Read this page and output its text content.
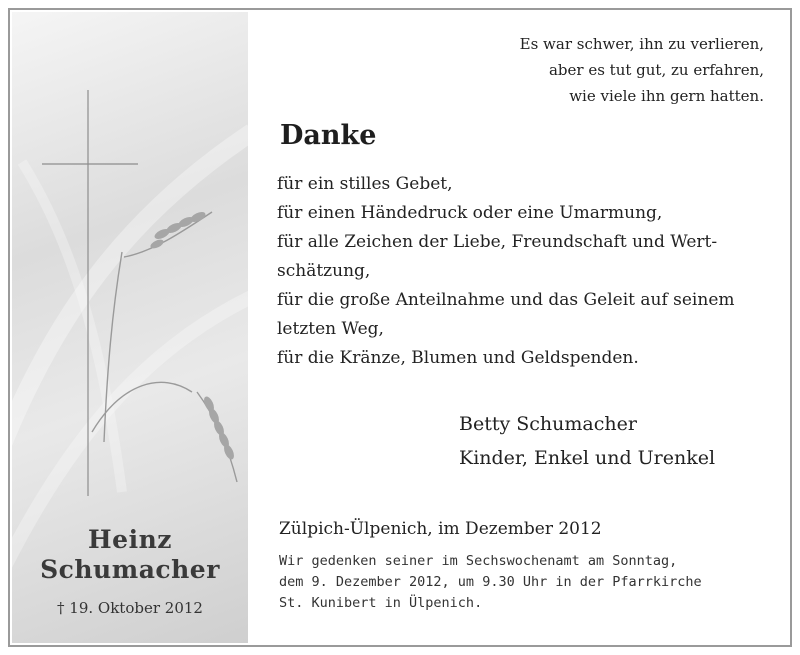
Heinz
Schumacher
† 19. Oktober 2012
Es war schwer, ihn zu verlieren,
aber es tut gut, zu erfahren,
wie viele ihn gern hatten.
Danke
für ein stilles Gebet,
für einen Händedruck oder eine Umarmung,
für alle Zeichen der Liebe, Freundschaft und Wert-
schätzung,
für die große Anteilnahme und das Geleit auf seinem
letzten Weg,
für die Kränze, Blumen und Geldspenden.
Betty Schumacher
Kinder, Enkel und Urenkel
Zülpich-Ülpenich, im Dezember 2012
Wir gedenken seiner im Sechswochenamt am Sonntag,
dem 9. Dezember 2012, um 9.30 Uhr in der Pfarrkirche
St. Kunibert in Ülpenich.
